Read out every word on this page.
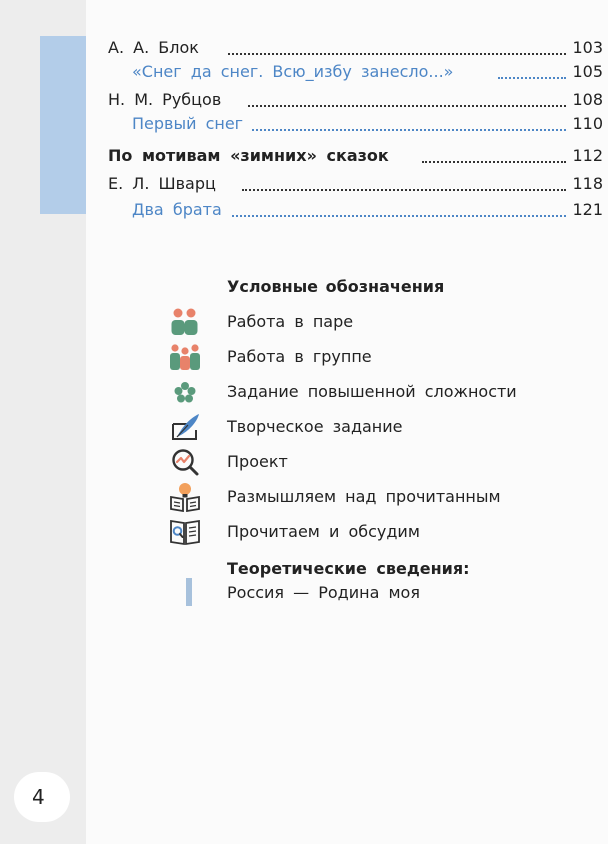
А. А. Блок	103
«Снег да снег. Всю_избу занесло...»	105
Н. М. Рубцов	108
Первый снег	110
По мотивам «зимних» сказок	112
Е. Л. Шварц	118
Два брата	121
Условные обозначения
Работа в паре
Работа в группе
Задание повышенной сложности
Творческое задание
Проект
Размышляем над прочитанным
Прочитаем и обсудим
Теоретические сведения:
Россия — Родина моя
4
